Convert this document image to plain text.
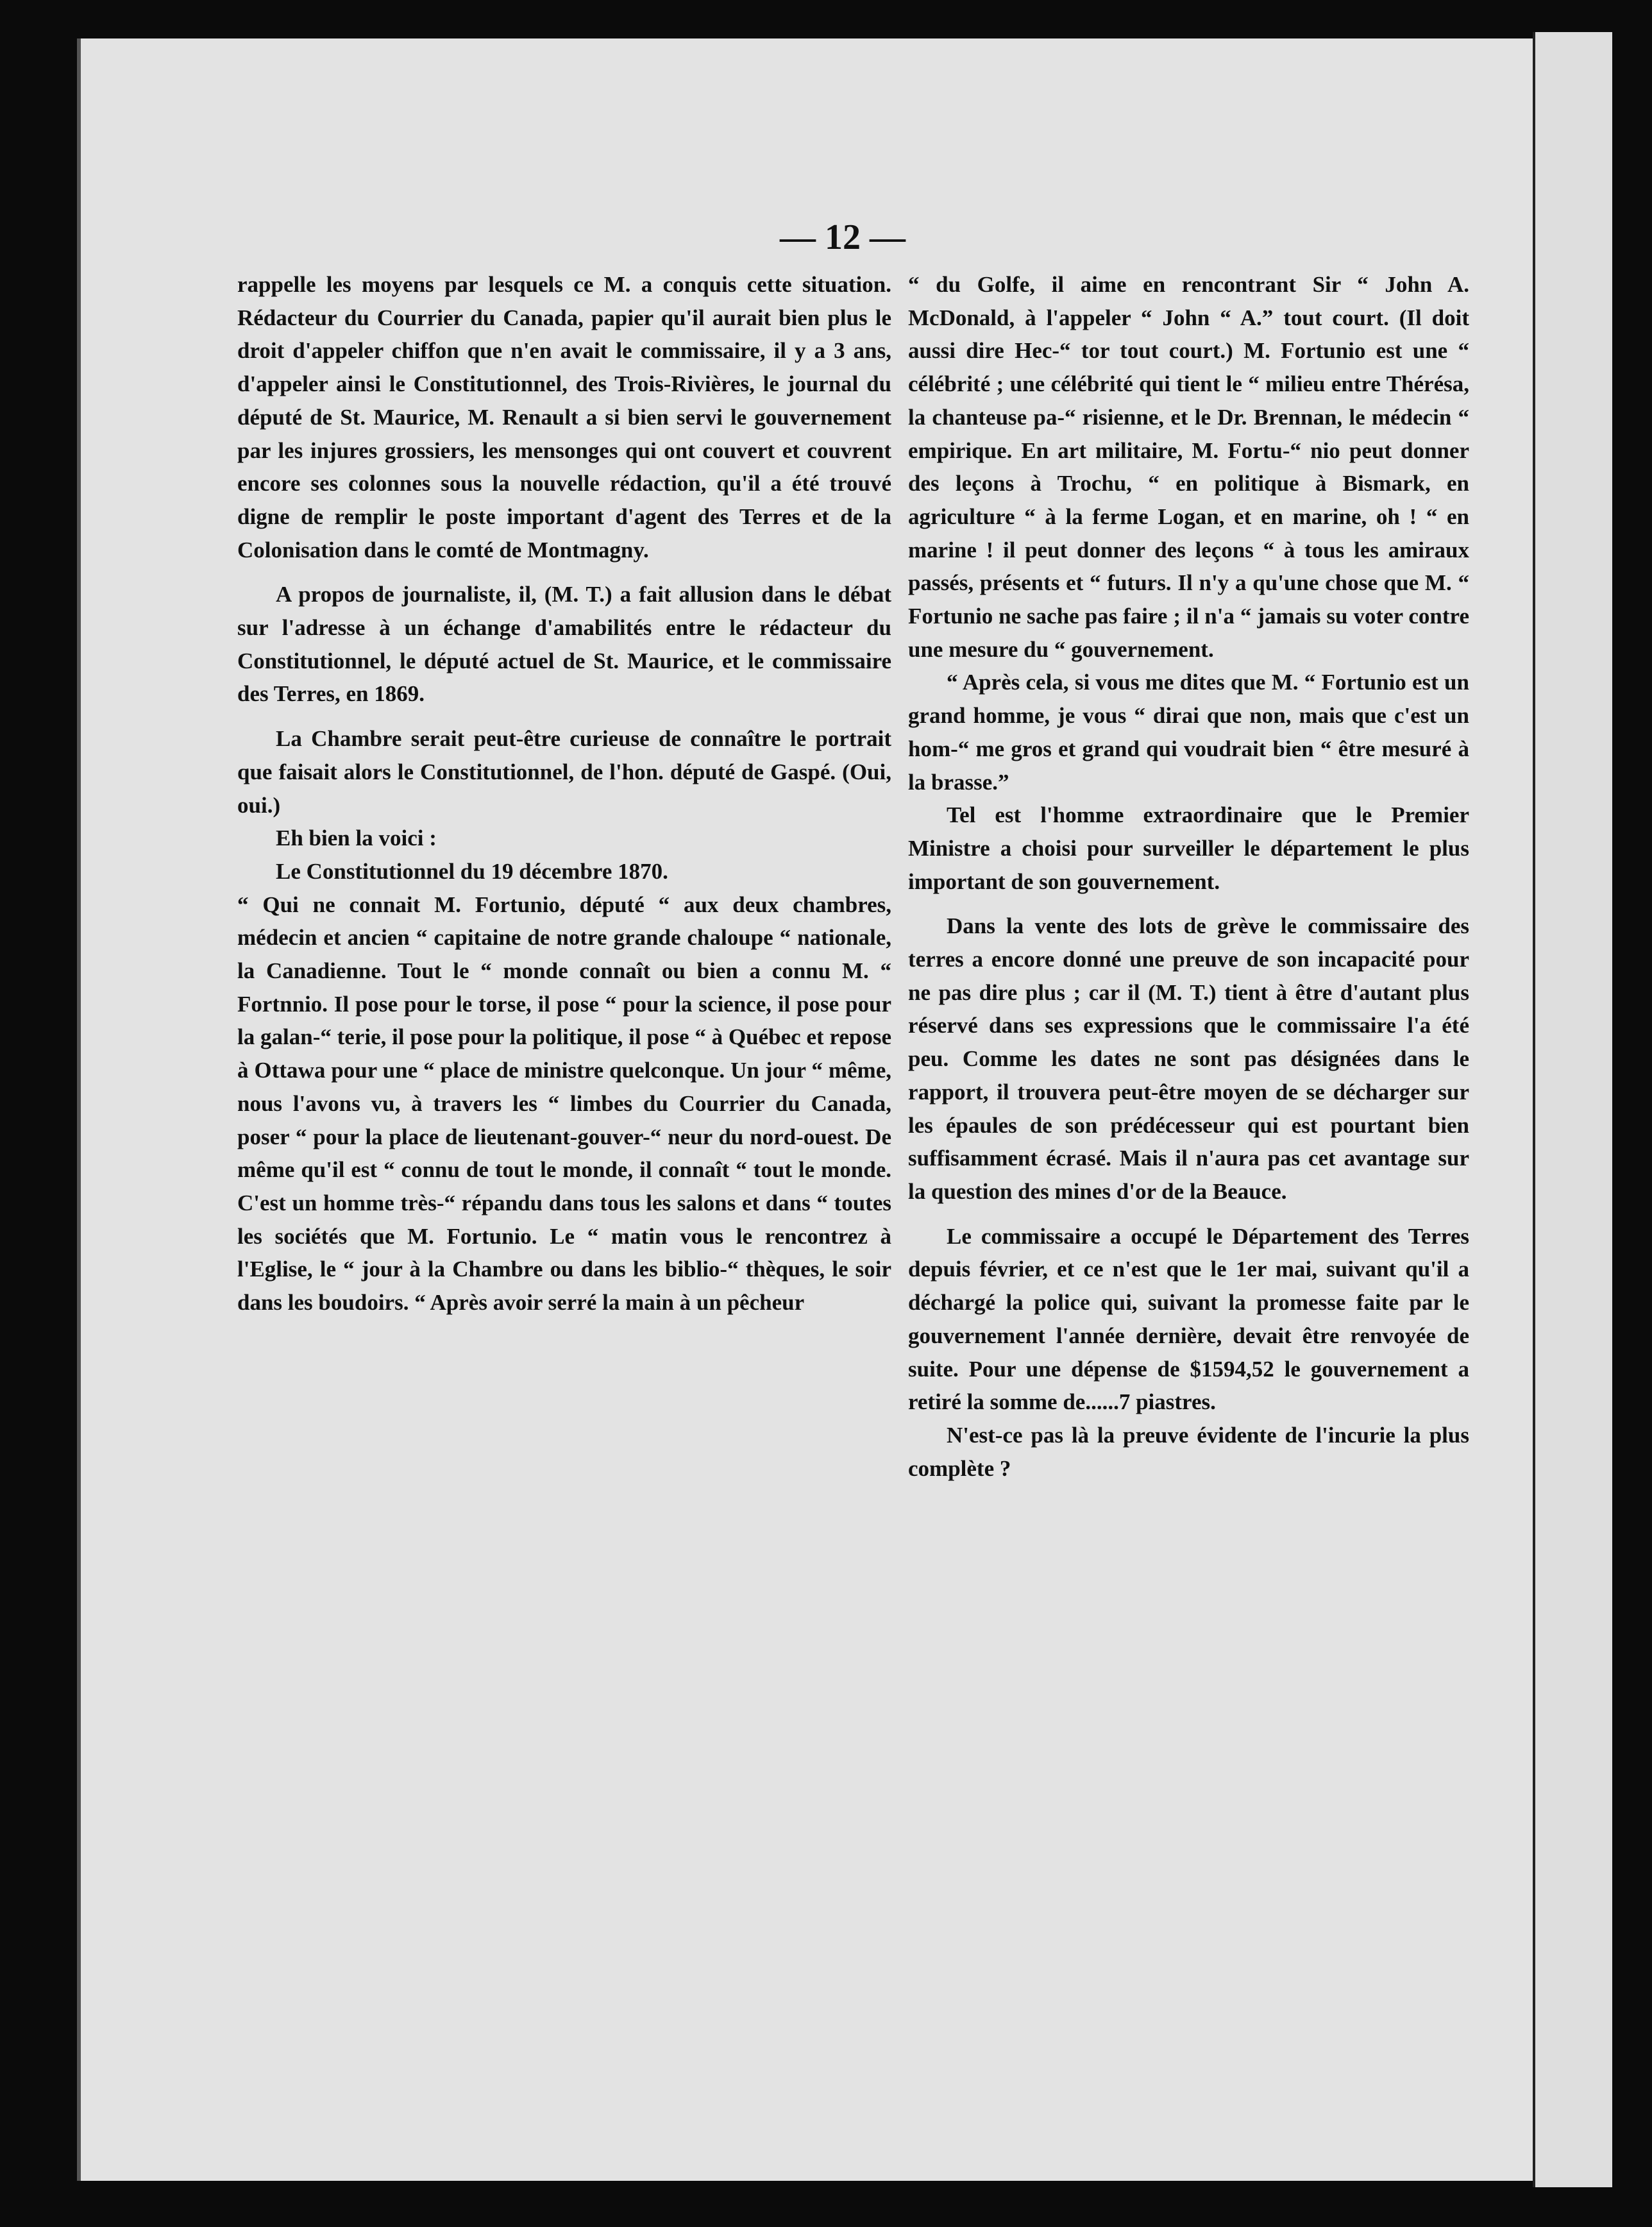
— 12 —

rappelle les moyens par lesquels ce M. a conquis cette situation. Rédacteur du Courrier du Canada, papier qu'il aurait bien plus le droit d'appeler chiffon que n'en avait le commissaire, il y a 3 ans, d'appeler ainsi le Constitutionnel, des Trois-Rivières, le journal du député de St. Maurice, M. Renault a si bien servi le gouvernement par les injures grossiers, les mensonges qui ont couvert et couvrent encore ses colonnes sous la nouvelle rédaction, qu'il a été trouvé digne de remplir le poste important d'agent des Terres et de la Colonisation dans le comté de Montmagny.

A propos de journaliste, il, (M. T.) a fait allusion dans le débat sur l'adresse à un échange d'amabilités entre le rédacteur du Constitutionnel, le député actuel de St. Maurice, et le commissaire des Terres, en 1869.

La Chambre serait peut-être curieuse de connaître le portrait que faisait alors le Constitutionnel, de l'hon. député de Gaspé. (Oui, oui.)

Eh bien la voici :

Le Constitutionnel du 19 décembre 1870.

“ Qui ne connait M. Fortunio, député “ aux deux chambres, médecin et ancien “ capitaine de notre grande chaloupe “ nationale, la Canadienne. Tout le “ monde connaît ou bien a connu M. “ Fortnnio. Il pose pour le torse, il pose “ pour la science, il pose pour la galan-“ terie, il pose pour la politique, il pose “ à Québec et repose à Ottawa pour une “ place de ministre quelconque. Un jour “ même, nous l'avons vu, à travers les “ limbes du Courrier du Canada, poser “ pour la place de lieutenant-gouver-“ neur du nord-ouest. De même qu'il est “ connu de tout le monde, il connaît “ tout le monde. C'est un homme très-“ répandu dans tous les salons et dans “ toutes les sociétés que M. Fortunio. Le “ matin vous le rencontrez à l'Eglise, le “ jour à la Chambre ou dans les biblio-“ thèques, le soir dans les boudoirs. “ Après avoir serré la main à un pêcheur

“ du Golfe, il aime en rencontrant Sir “ John A. McDonald, à l'appeler “ John “ A.” tout court. (Il doit aussi dire Hec-“ tor tout court.) M. Fortunio est une “ célébrité ; une célébrité qui tient le “ milieu entre Thérésa, la chanteuse pa-“ risienne, et le Dr. Brennan, le médecin “ empirique. En art militaire, M. Fortu-“ nio peut donner des leçons à Trochu, “ en politique à Bismark, en agriculture “ à la ferme Logan, et en marine, oh ! “ en marine ! il peut donner des leçons “ à tous les amiraux passés, présents et “ futurs. Il n'y a qu'une chose que M. “ Fortunio ne sache pas faire ; il n'a “ jamais su voter contre une mesure du “ gouvernement.

“ Après cela, si vous me dites que M. “ Fortunio est un grand homme, je vous “ dirai que non, mais que c'est un hom-“ me gros et grand qui voudrait bien “ être mesuré à la brasse.”

Tel est l'homme extraordinaire que le Premier Ministre a choisi pour surveiller le département le plus important de son gouvernement.

Dans la vente des lots de grève le commissaire des terres a encore donné une preuve de son incapacité pour ne pas dire plus ; car il (M. T.) tient à être d'autant plus réservé dans ses expressions que le commissaire l'a été peu. Comme les dates ne sont pas désignées dans le rapport, il trouvera peut-être moyen de se décharger sur les épaules de son prédécesseur qui est pourtant bien suffisamment écrasé. Mais il n'aura pas cet avantage sur la question des mines d'or de la Beauce.

Le commissaire a occupé le Département des Terres depuis février, et ce n'est que le 1er mai, suivant qu'il a déchargé la police qui, suivant la promesse faite par le gouvernement l'année dernière, devait être renvoyée de suite. Pour une dépense de $1594,52 le gouvernement a retiré la somme de......7 piastres.

N'est-ce pas là la preuve évidente de l'incurie la plus complète ?
